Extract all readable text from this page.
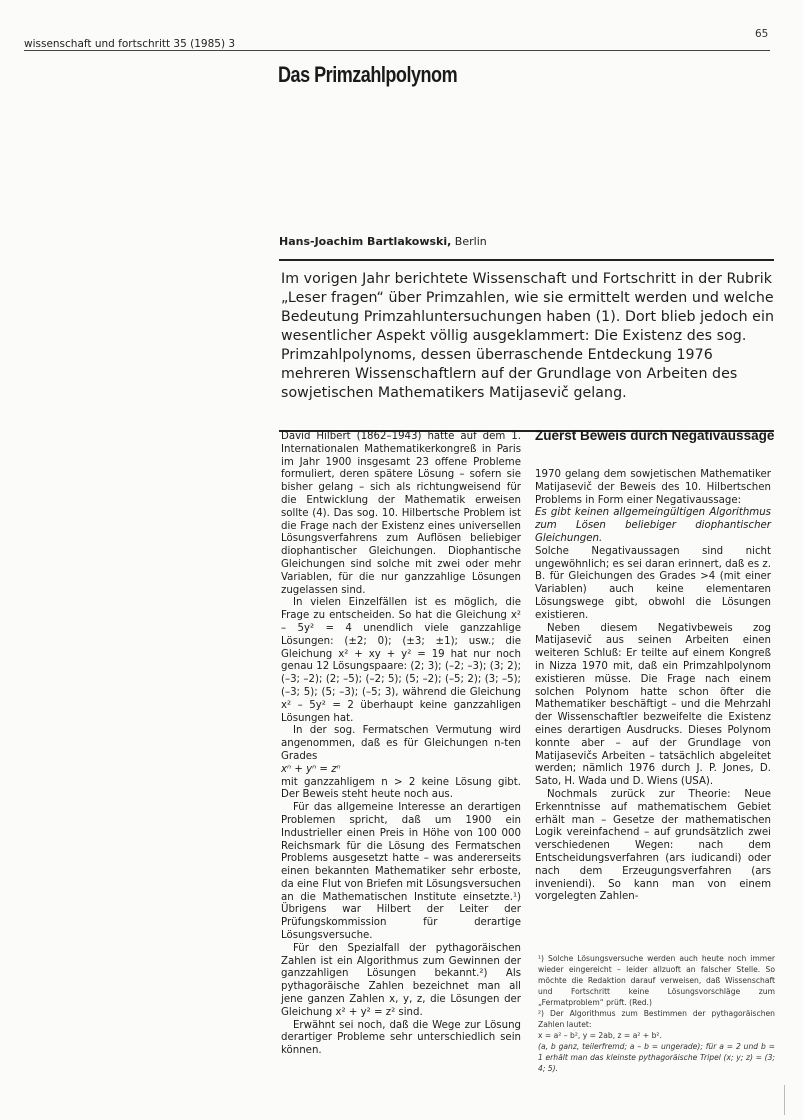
wissenschaft und fortschritt 35 (1985) 3
65
Das Primzahlpolynom
Hans-Joachim Bartlakowski, Berlin
Im vorigen Jahr berichtete Wissenschaft und Fortschritt in der Rubrik „Leser fragen“ über Primzahlen, wie sie ermittelt werden und welche Bedeutung Primzahluntersuchungen haben (1). Dort blieb jedoch ein wesentlicher Aspekt völlig ausgeklammert: Die Existenz des sog. Primzahlpolynoms, dessen überraschende Entdeckung 1976 mehreren Wissenschaftlern auf der Grundlage von Arbeiten des sowjetischen Mathematikers Matijasevič gelang.

David Hilbert (1862–1943) hatte auf dem 1. Internationalen Mathematikerkongreß in Paris im Jahr 1900 insgesamt 23 offene Probleme formuliert, deren spätere Lösung – sofern sie bisher gelang – sich als richtungweisend für die Entwicklung der Mathematik erweisen sollte (4). Das sog. 10. Hilbertsche Problem ist die Frage nach der Existenz eines universellen Lösungsverfahrens zum Auflösen beliebiger diophantischer Gleichungen. Diophantische Gleichungen sind solche mit zwei oder mehr Variablen, für die nur ganzzahlige Lösungen zugelassen sind.

In vielen Einzelfällen ist es möglich, die Frage zu entscheiden. So hat die Gleichung x² – 5y² = 4 unendlich viele ganzzahlige Lösungen: (±2; 0); (±3; ±1); usw.; die Gleichung x² + xy + y² = 19 hat nur noch genau 12 Lösungspaare: (2; 3); (–2; –3); (3; 2); (–3; –2); (2; –5); (–2; 5); (5; –2); (–5; 2); (3; –5); (–3; 5); (5; –3); (–5; 3), während die Gleichung x² – 5y² = 2 überhaupt keine ganzzahligen Lösungen hat.

In der sog. Fermatschen Vermutung wird angenommen, daß es für Gleichungen n-ten Grades

xⁿ + yⁿ = zⁿ

mit ganzzahligem n > 2 keine Lösung gibt. Der Beweis steht heute noch aus.

Für das allgemeine Interesse an derartigen Problemen spricht, daß um 1900 ein Industrieller einen Preis in Höhe von 100 000 Reichsmark für die Lösung des Fermatschen Problems ausgesetzt hatte – was andererseits einen bekannten Mathematiker sehr erboste, da eine Flut von Briefen mit Lösungsversuchen an die Mathematischen Institute einsetzte.¹) Übrigens war Hilbert der Leiter der Prüfungskommission für derartige Lösungsversuche.

Für den Spezialfall der pythagoräischen Zahlen ist ein Algorithmus zum Gewinnen der ganzzahligen Lösungen bekannt.²) Als pythagoräische Zahlen bezeichnet man all jene ganzen Zahlen x, y, z, die Lösungen der Gleichung x² + y² = z² sind.

Erwähnt sei noch, daß die Wege zur Lösung derartiger Probleme sehr unterschiedlich sein können.

Zuerst Beweis durch Negativaussage

1970 gelang dem sowjetischen Mathematiker Matijasevič der Beweis des 10. Hilbertschen Problems in Form einer Negativaussage:

Es gibt keinen allgemeingültigen Algorithmus zum Lösen beliebiger diophantischer Gleichungen.

Solche Negativaussagen sind nicht ungewöhnlich; es sei daran erinnert, daß es z. B. für Gleichungen des Grades >4 (mit einer Variablen) auch keine elementaren Lösungswege gibt, obwohl die Lösungen existieren.

Neben diesem Negativbeweis zog Matijasevič aus seinen Arbeiten einen weiteren Schluß: Er teilte auf einem Kongreß in Nizza 1970 mit, daß ein Primzahlpolynom existieren müsse. Die Frage nach einem solchen Polynom hatte schon öfter die Mathematiker beschäftigt – und die Mehrzahl der Wissenschaftler bezweifelte die Existenz eines derartigen Ausdrucks. Dieses Polynom konnte aber – auf der Grundlage von Matijasevičs Arbeiten – tatsächlich abgeleitet werden; nämlich 1976 durch J. P. Jones, D. Sato, H. Wada und D. Wiens (USA).

Nochmals zurück zur Theorie: Neue Erkenntnisse auf mathematischem Gebiet erhält man – Gesetze der mathematischen Logik vereinfachend – auf grundsätzlich zwei verschiedenen Wegen: nach dem Entscheidungsverfahren (ars iudicandi) oder nach dem Erzeugungsverfahren (ars inveniendi). So kann man von einem vorgelegten Zahlen-

¹) Solche Lösungsversuche werden auch heute noch immer wieder eingereicht – leider allzuoft an falscher Stelle. So möchte die Redaktion darauf verweisen, daß Wissenschaft und Fortschritt keine Lösungsvorschläge zum „Fermatproblem“ prüft. (Red.)

²) Der Algorithmus zum Bestimmen der pythagoräischen Zahlen lautet:

x = a² – b², y = 2ab, z = a² + b².

(a, b ganz, teilerfremd; a – b = ungerade); für a = 2 und b = 1 erhält man das kleinste pythagoräische Tripel (x; y; z) = (3; 4; 5).
